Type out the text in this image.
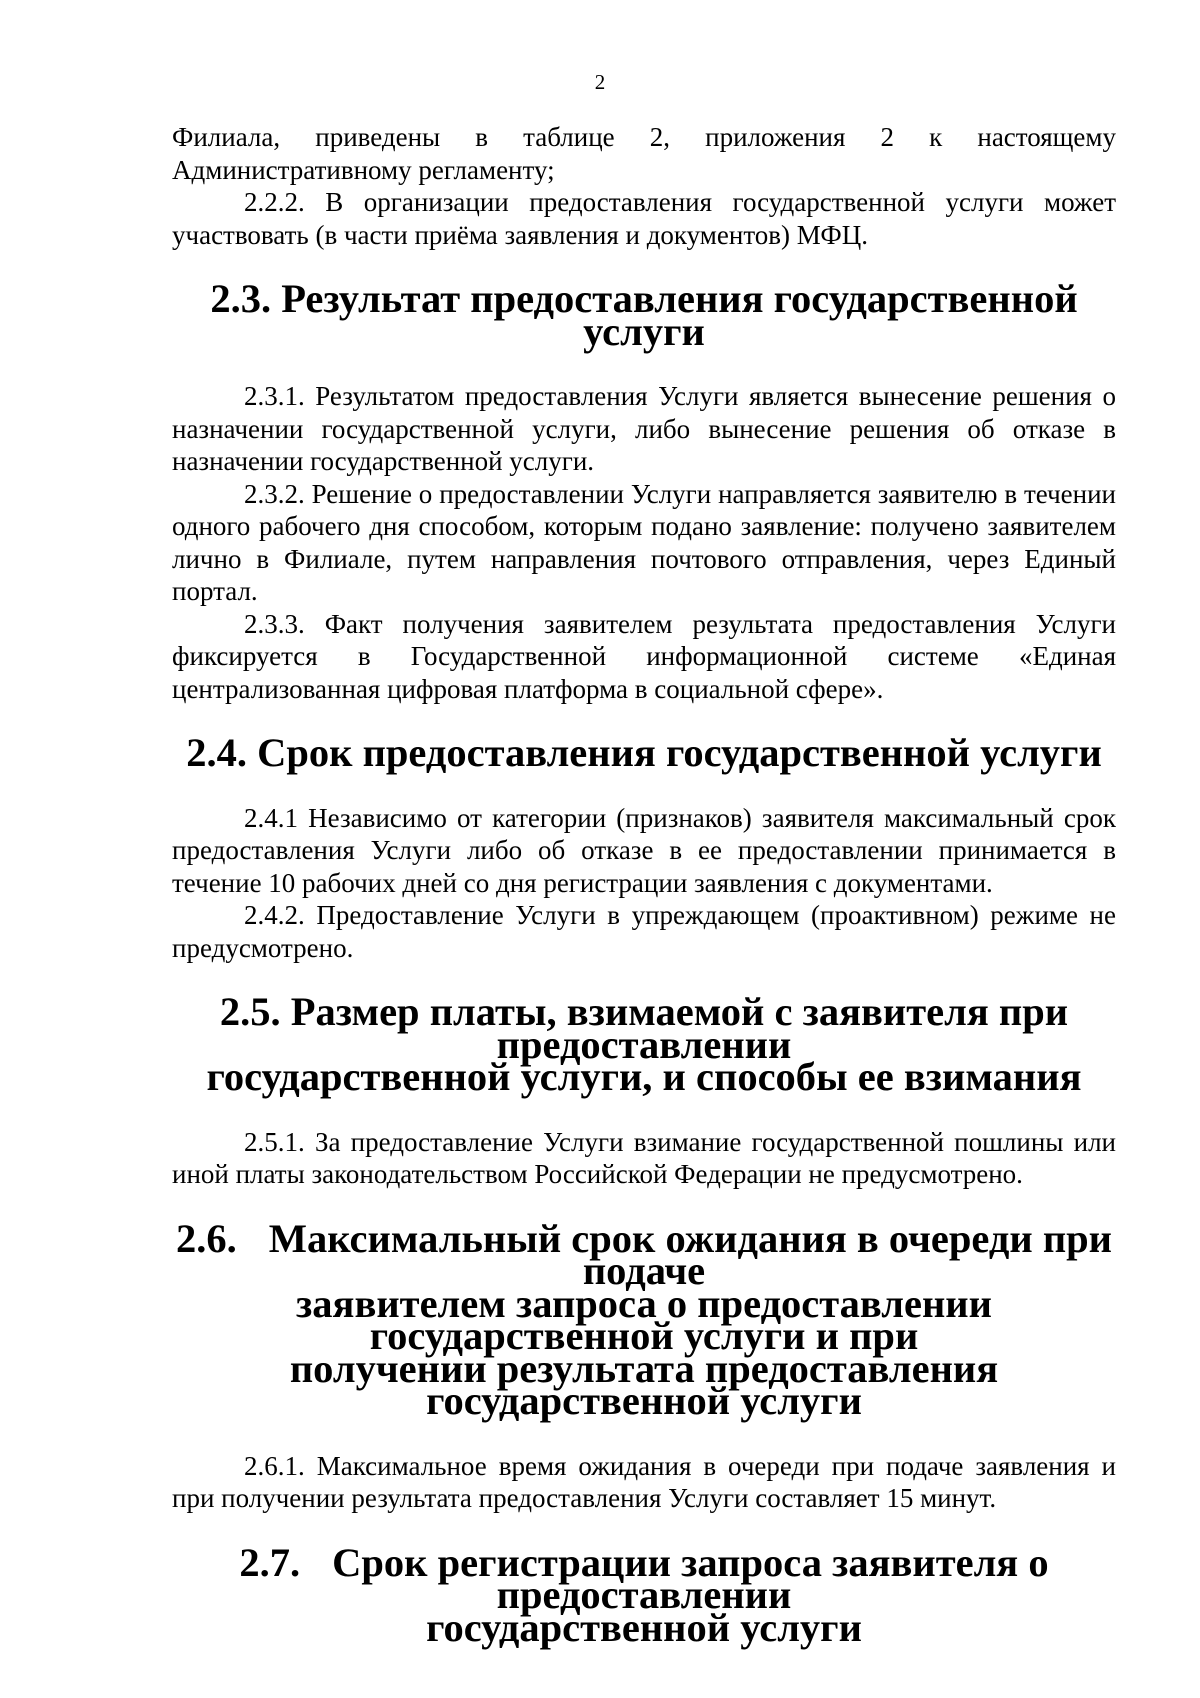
2

Филиала, приведены в таблице 2, приложения 2 к настоящему Административному регламенту;

2.2.2. В организации предоставления государственной услуги может участвовать (в части приёма заявления и документов) МФЦ.

2.3. Результат предоставления государственной услуги

2.3.1. Результатом предоставления Услуги является вынесение решения о назначении государственной услуги, либо вынесение решения об отказе в назначении государственной услуги.

2.3.2. Решение о предоставлении Услуги направляется заявителю в течении одного рабочего дня способом, которым подано заявление: получено заявителем лично в Филиале, путем направления почтового отправления, через Единый портал.

2.3.3. Факт получения заявителем результата предоставления Услуги фиксируется в Государственной информационной системе «Единая централизованная цифровая платформа в социальной сфере».

2.4. Срок предоставления государственной услуги

2.4.1 Независимо от категории (признаков) заявителя максимальный срок предоставления Услуги либо об отказе в ее предоставлении принимается в течение 10 рабочих дней со дня регистрации заявления с документами.

2.4.2. Предоставление Услуги в упреждающем (проактивном) режиме не предусмотрено.

2.5. Размер платы, взимаемой с заявителя при предоставлении
государственной услуги, и способы ее взимания

2.5.1. За предоставление Услуги взимание государственной пошлины или иной платы законодательством Российской Федерации не предусмотрено.

2.6. Максимальный срок ожидания в очереди при подаче
заявителем запроса о предоставлении государственной услуги и при
получении результата предоставления государственной услуги

2.6.1. Максимальное время ожидания в очереди при подаче заявления и при получении результата предоставления Услуги составляет 15 минут.

2.7. Срок регистрации запроса заявителя о предоставлении
государственной услуги
